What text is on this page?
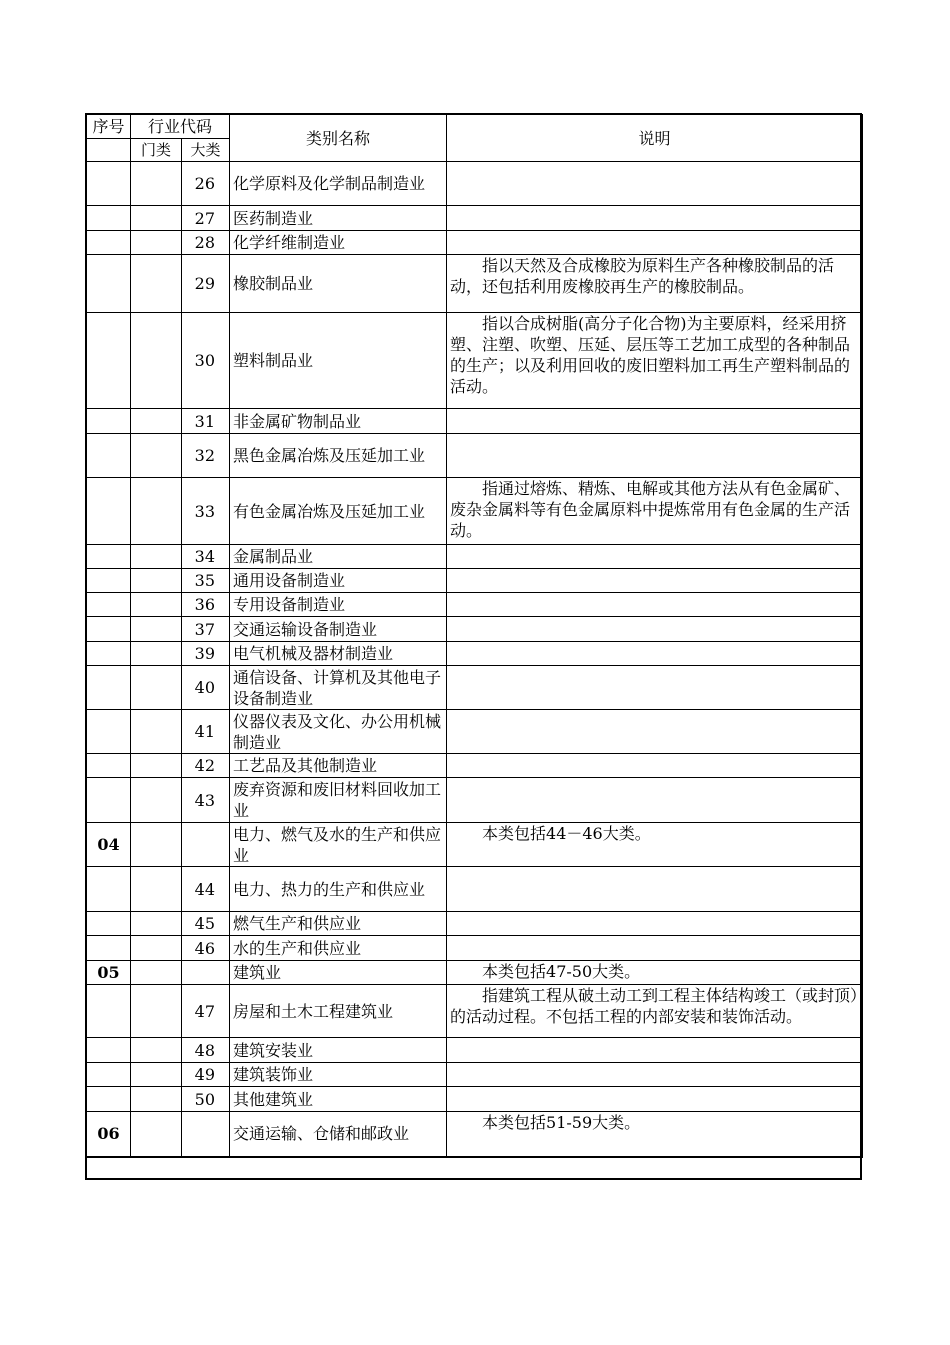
序号	行业代码		类别名称	说明
	门类	大类		
		26	化学原料及化学制品制造业	
		27	医药制造业	
		28	化学纤维制造业	
		29	橡胶制品业	指以天然及合成橡胶为原料生产各种橡胶制品的活动，还包括利用废橡胶再生产的橡胶制品。
		30	塑料制品业	指以合成树脂(高分子化合物)为主要原料，经采用挤塑、注塑、吹塑、压延、层压等工艺加工成型的各种制品的生产；以及利用回收的废旧塑料加工再生产塑料制品的活动。
		31	非金属矿物制品业	
		32	黑色金属冶炼及压延加工业	
		33	有色金属冶炼及压延加工业	指通过熔炼、精炼、电解或其他方法从有色金属矿、废杂金属料等有色金属原料中提炼常用有色金属的生产活动。
		34	金属制品业	
		35	通用设备制造业	
		36	专用设备制造业	
		37	交通运输设备制造业	
		39	电气机械及器材制造业	
		40	通信设备、计算机及其他电子设备制造业	
		41	仪器仪表及文化、办公用机械制造业	
		42	工艺品及其他制造业	
		43	废弃资源和废旧材料回收加工业	
04			电力、燃气及水的生产和供应业	本类包括44－46大类。
		44	电力、热力的生产和供应业	
		45	燃气生产和供应业	
		46	水的生产和供应业	
05			建筑业	本类包括47-50大类。
		47	房屋和土木工程建筑业	指建筑工程从破土动工到工程主体结构竣工（或封顶）的活动过程。不包括工程的内部安装和装饰活动。
		48	建筑安装业	
		49	建筑装饰业	
		50	其他建筑业	
06			交通运输、仓储和邮政业	本类包括51-59大类。
